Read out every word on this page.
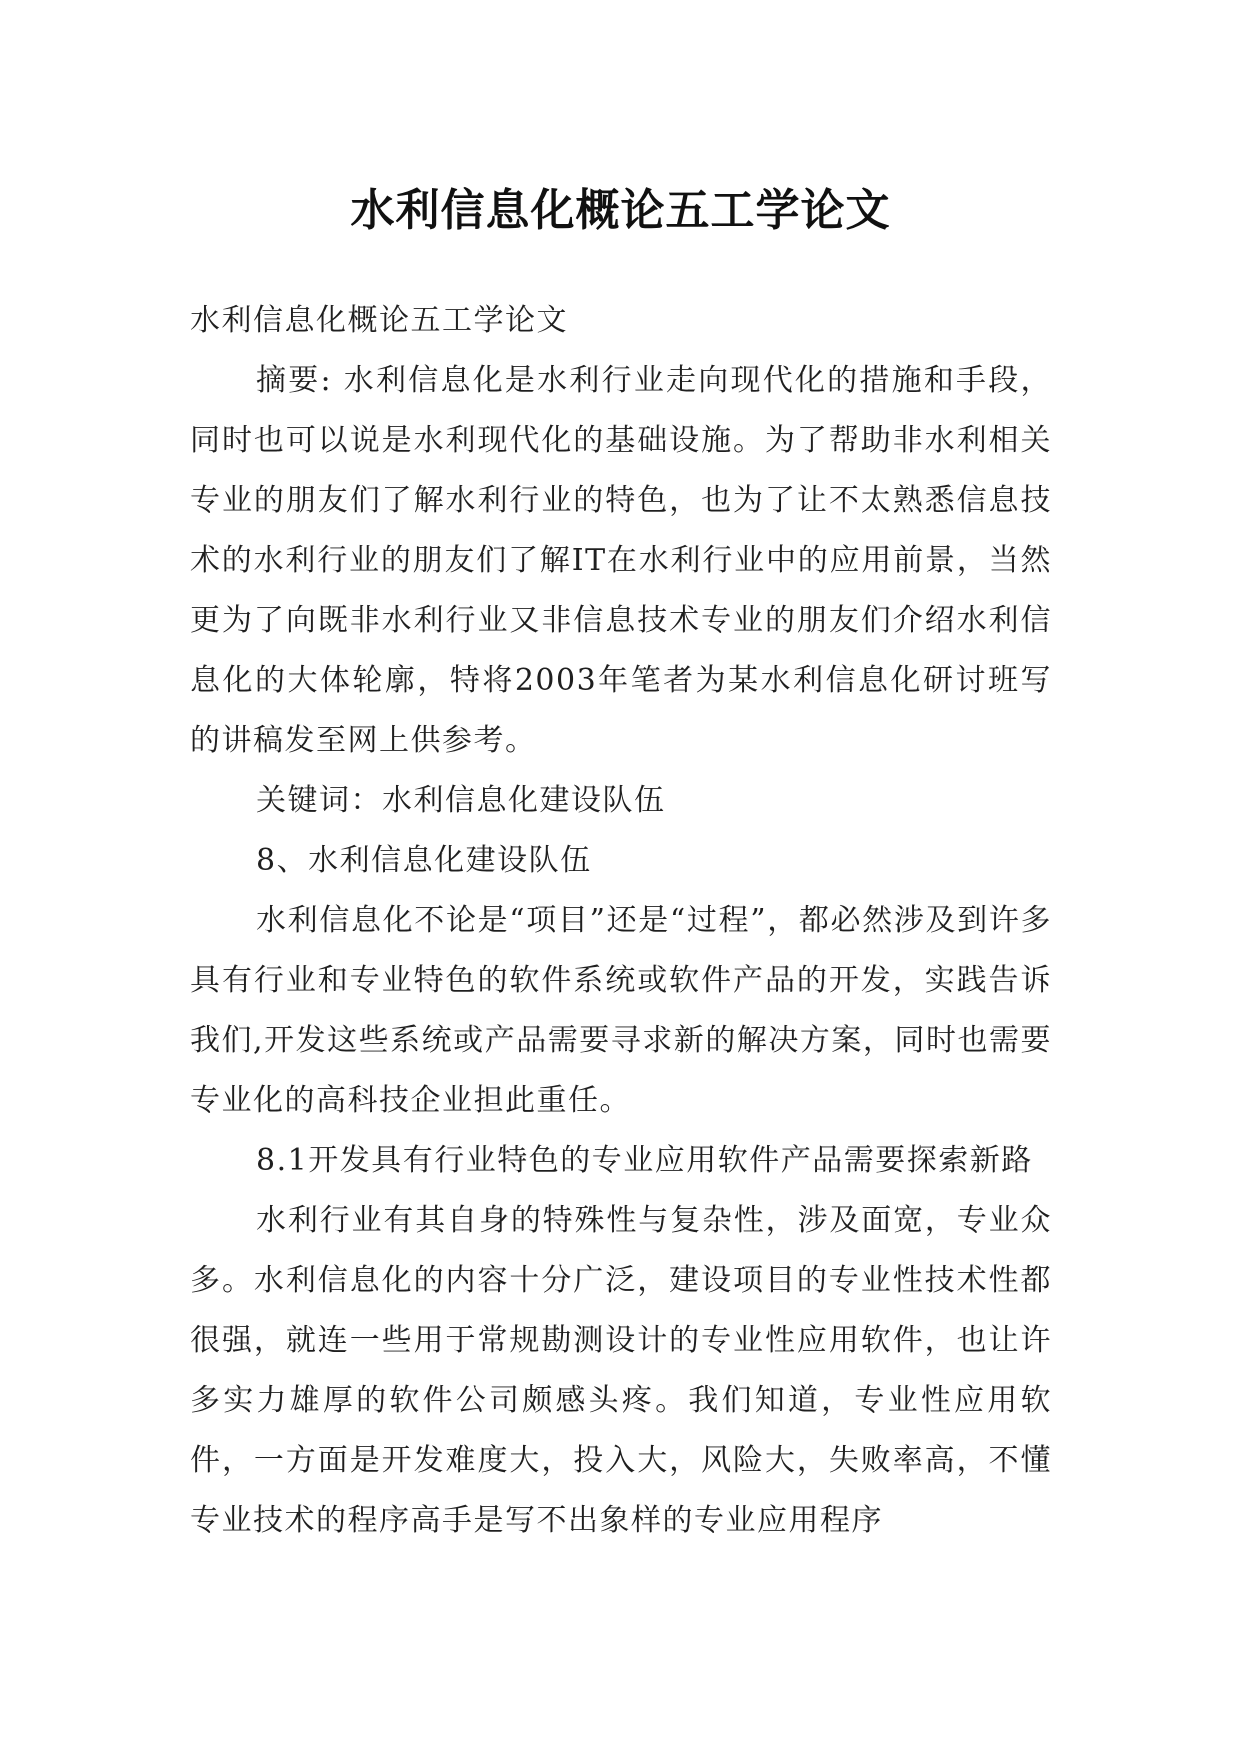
水利信息化概论五工学论文

水利信息化概论五工学论文

摘要: 水利信息化是水利行业走向现代化的措施和手段，同时也可以说是水利现代化的基础设施。为了帮助非水利相关专业的朋友们了解水利行业的特色，也为了让不太熟悉信息技术的水利行业的朋友们了解IT在水利行业中的应用前景，当然更为了向既非水利行业又非信息技术专业的朋友们介绍水利信息化的大体轮廓，特将2003年笔者为某水利信息化研讨班写的讲稿发至网上供参考。

关键词：水利信息化建设队伍

8、水利信息化建设队伍

水利信息化不论是“项目”还是“过程”，都必然涉及到许多具有行业和专业特色的软件系统或软件产品的开发，实践告诉我们,开发这些系统或产品需要寻求新的解决方案，同时也需要专业化的高科技企业担此重任。

8.1开发具有行业特色的专业应用软件产品需要探索新路

水利行业有其自身的特殊性与复杂性，涉及面宽，专业众多。水利信息化的内容十分广泛，建设项目的专业性技术性都很强，就连一些用于常规勘测设计的专业性应用软件，也让许多实力雄厚的软件公司颇感头疼。我们知道，专业性应用软件，一方面是开发难度大，投入大，风险大，失败率高，不懂专业技术的程序高手是写不出象样的专业应用程序
